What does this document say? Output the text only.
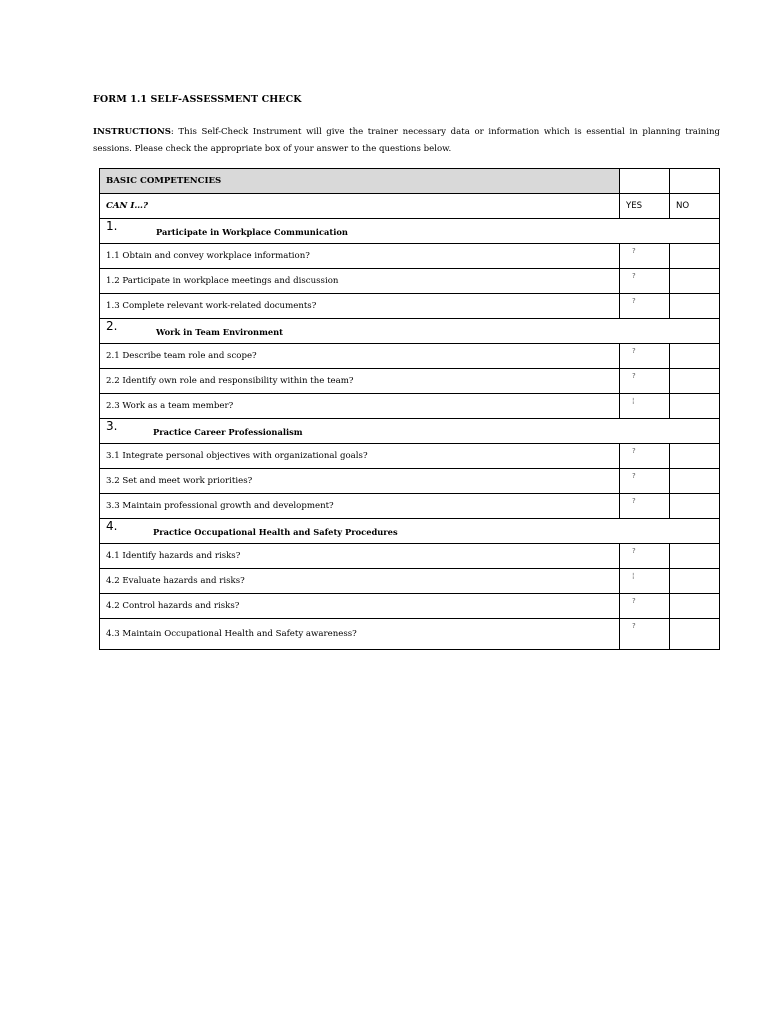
FORM 1.1 SELF-ASSESSMENT CHECK
INSTRUCTIONS: This Self-Check Instrument will give the trainer necessary data or information which is essential in planning training sessions. Please check the appropriate box of your answer to the questions below.
BASIC COMPETENCIES		
CAN I…?	YES	NO

1. Participate in Workplace Communication		

1.1 Obtain and convey workplace information?	?	

1.2 Participate in workplace meetings and discussion	?	

1.3 Complete relevant work-related documents?	?	

2. Work in Team Environment		

2.1 Describe team role and scope?	?	

2.2 Identify own role and responsibility within the team?	?	

2.3 Work as a team member?	¦	

3. Practice Career Professionalism		

3.1 Integrate personal objectives with organizational goals?	?	

3.2 Set and meet work priorities?	?	

3.3 Maintain professional growth and development?	?	

4. Practice Occupational Health and Safety Procedures		

4.1 Identify hazards and risks?	?	

4.2 Evaluate hazards and risks?	¦	

4.2 Control hazards and risks?	?	

4.3 Maintain Occupational Health and Safety awareness?	?	
